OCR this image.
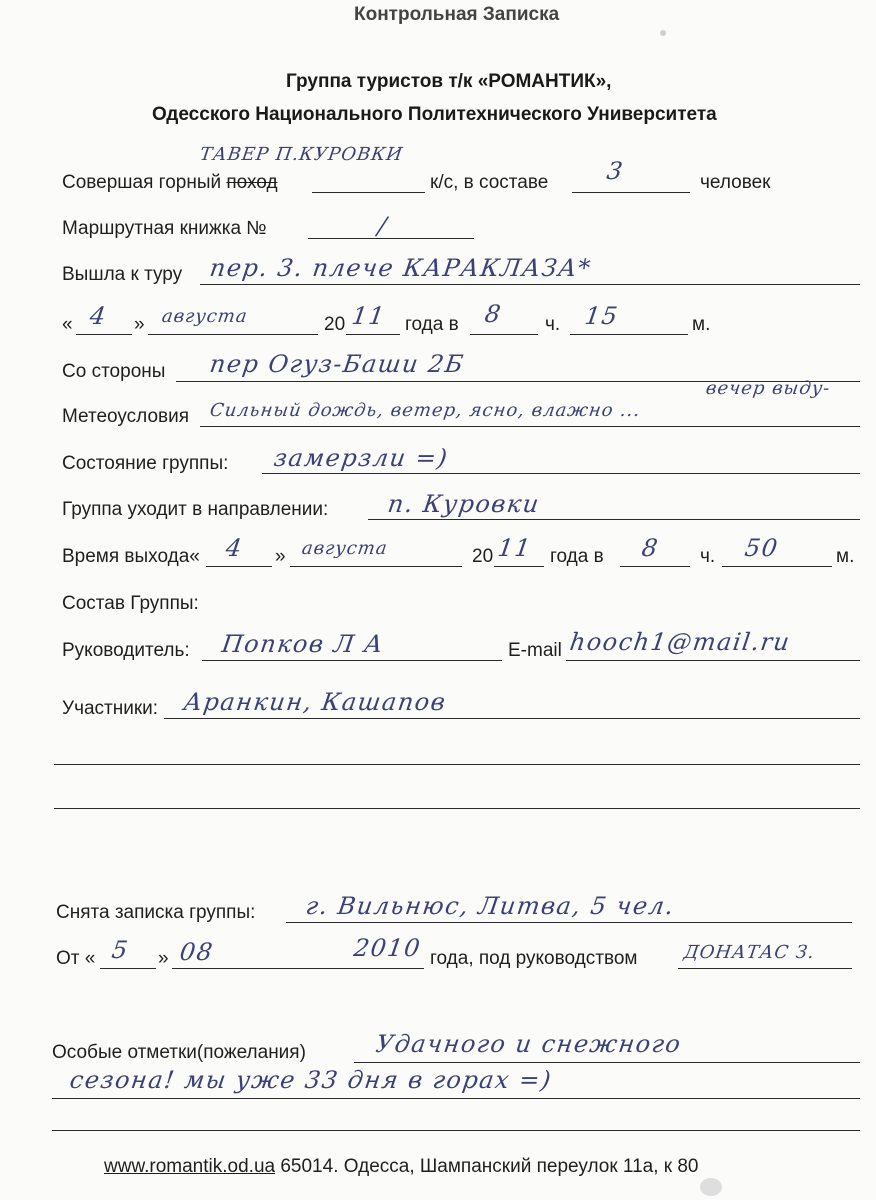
Контрольная Записка
Группа туристов т/к «РОМАНТИК»,
Одесского Национального Политехнического Университета
ТАВЕР П.КУРОВКИ
Совершая горный поход	к/с, в составе 3	человек
Маршрутная книжка №	/
Вышла к туру пер. 3. плече КАРАКЛАЗА*
« 4 » августа	20 11 года в 8 ч. 15	м.
Со стороны пер Огуз-Баши 2Б
вечер выду-
Метеоусловия Сильный дождь, ветер, ясно, влажно ...
Состояние группы: замерзли =)
Группа уходит в направлении: п. Куровки
Время выхода« 4 » августа	20 11 года в 8 ч. 50	м.
Состав Группы:
Руководитель: Попков Л А	E-mail hooch1@mail.ru
Участники: Аранкин, Кашапов
Снята записка группы: г. Вильнюс, Литва, 5 чел.
От « 5 » 08	2010 года, под руководством	ДОНАТАС З.
Особые отметки(пожелания)	Удачного и снежного
сезона! мы уже 33 дня в горах =)
www.romantik.od.ua 65014. Одесса, Шампанский переулок 11а, к 80
